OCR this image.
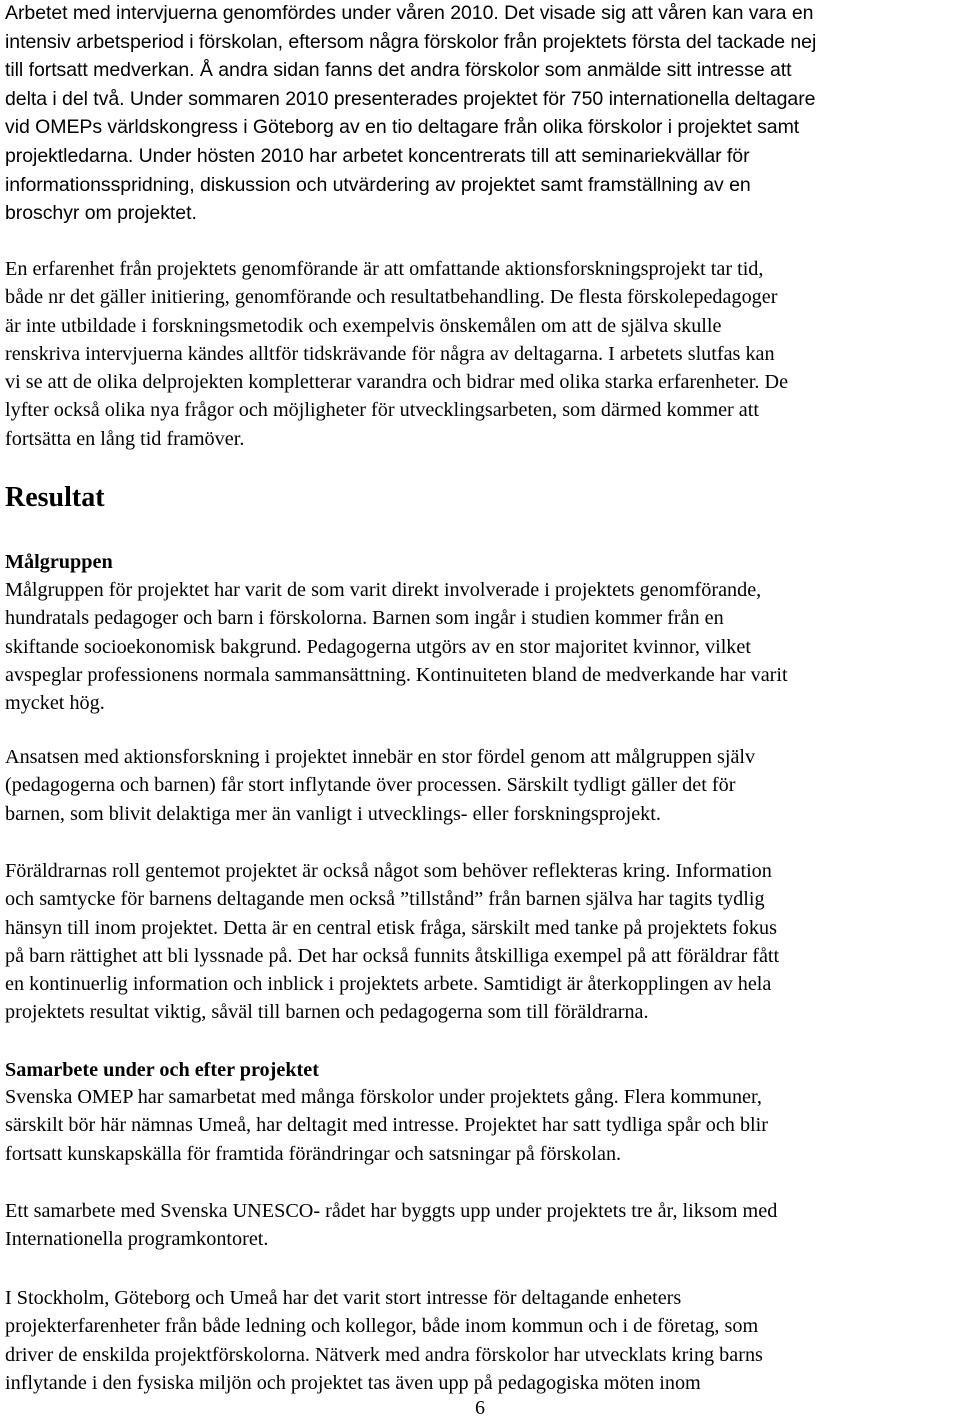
Arbetet med intervjuerna genomfördes under våren 2010. Det visade sig att våren kan vara en
intensiv arbetsperiod i förskolan, eftersom några förskolor från projektets första del tackade nej
till fortsatt medverkan. Å andra sidan fanns det andra förskolor som anmälde sitt intresse att
delta i del två. Under sommaren 2010 presenterades projektet för 750 internationella deltagare
vid OMEPs världskongress i Göteborg av en tio deltagare från olika förskolor i projektet samt
projektledarna. Under hösten 2010 har arbetet koncentrerats till att seminariekvällar för
informationsspridning, diskussion och utvärdering av projektet samt framställning av en
broschyr om projektet.
En erfarenhet från projektets genomförande är att omfattande aktionsforskningsprojekt tar tid,
både nr det gäller initiering, genomförande och resultatbehandling. De flesta förskolepedagoger
är inte utbildade i forskningsmetodik och exempelvis önskemålen om att de själva skulle
renskriva intervjuerna kändes alltför tidskrävande för några av deltagarna. I arbetets slutfas kan
vi se att de olika delprojekten kompletterar varandra och bidrar med olika starka erfarenheter. De
lyfter också olika nya frågor och möjligheter för utvecklingsarbeten, som därmed kommer att
fortsätta en lång tid framöver.
Resultat
Målgruppen
Målgruppen för projektet har varit de som varit direkt involverade i projektets genomförande,
hundratals pedagoger och barn i förskolorna. Barnen som ingår i studien kommer från en
skiftande socioekonomisk bakgrund. Pedagogerna utgörs av en stor majoritet kvinnor, vilket
avspeglar professionens normala sammansättning. Kontinuiteten bland de medverkande har varit
mycket hög.
Ansatsen med aktionsforskning i projektet innebär en stor fördel genom att målgruppen själv
(pedagogerna och barnen) får stort inflytande över processen. Särskilt tydligt gäller det för
barnen, som blivit delaktiga mer än vanligt i utvecklings- eller forskningsprojekt.
Föräldrarnas roll gentemot projektet är också något som behöver reflekteras kring. Information
och samtycke för barnens deltagande men också ”tillstånd” från barnen själva har tagits tydlig
hänsyn till inom projektet. Detta är en central etisk fråga, särskilt med tanke på projektets fokus
på barn rättighet att bli lyssnade på. Det har också funnits åtskilliga exempel på att föräldrar fått
en kontinuerlig information och inblick i projektets arbete. Samtidigt är återkopplingen av hela
projektets resultat viktig, såväl till barnen och pedagogerna som till föräldrarna.
Samarbete under och efter projektet
Svenska OMEP har samarbetat med många förskolor under projektets gång. Flera kommuner,
särskilt bör här nämnas Umeå, har deltagit med intresse. Projektet har satt tydliga spår och blir
fortsatt kunskapskälla för framtida förändringar och satsningar på förskolan.
Ett samarbete med Svenska UNESCO- rådet har byggts upp under projektets tre år, liksom med
Internationella programkontoret.
I Stockholm, Göteborg och Umeå har det varit stort intresse för deltagande enheters
projekterfarenheter från både ledning och kollegor, både inom kommun och i de företag, som
driver de enskilda projektförskolorna. Nätverk med andra förskolor har utvecklats kring barns
inflytande i den fysiska miljön och projektet tas även upp på pedagogiska möten inom
6
